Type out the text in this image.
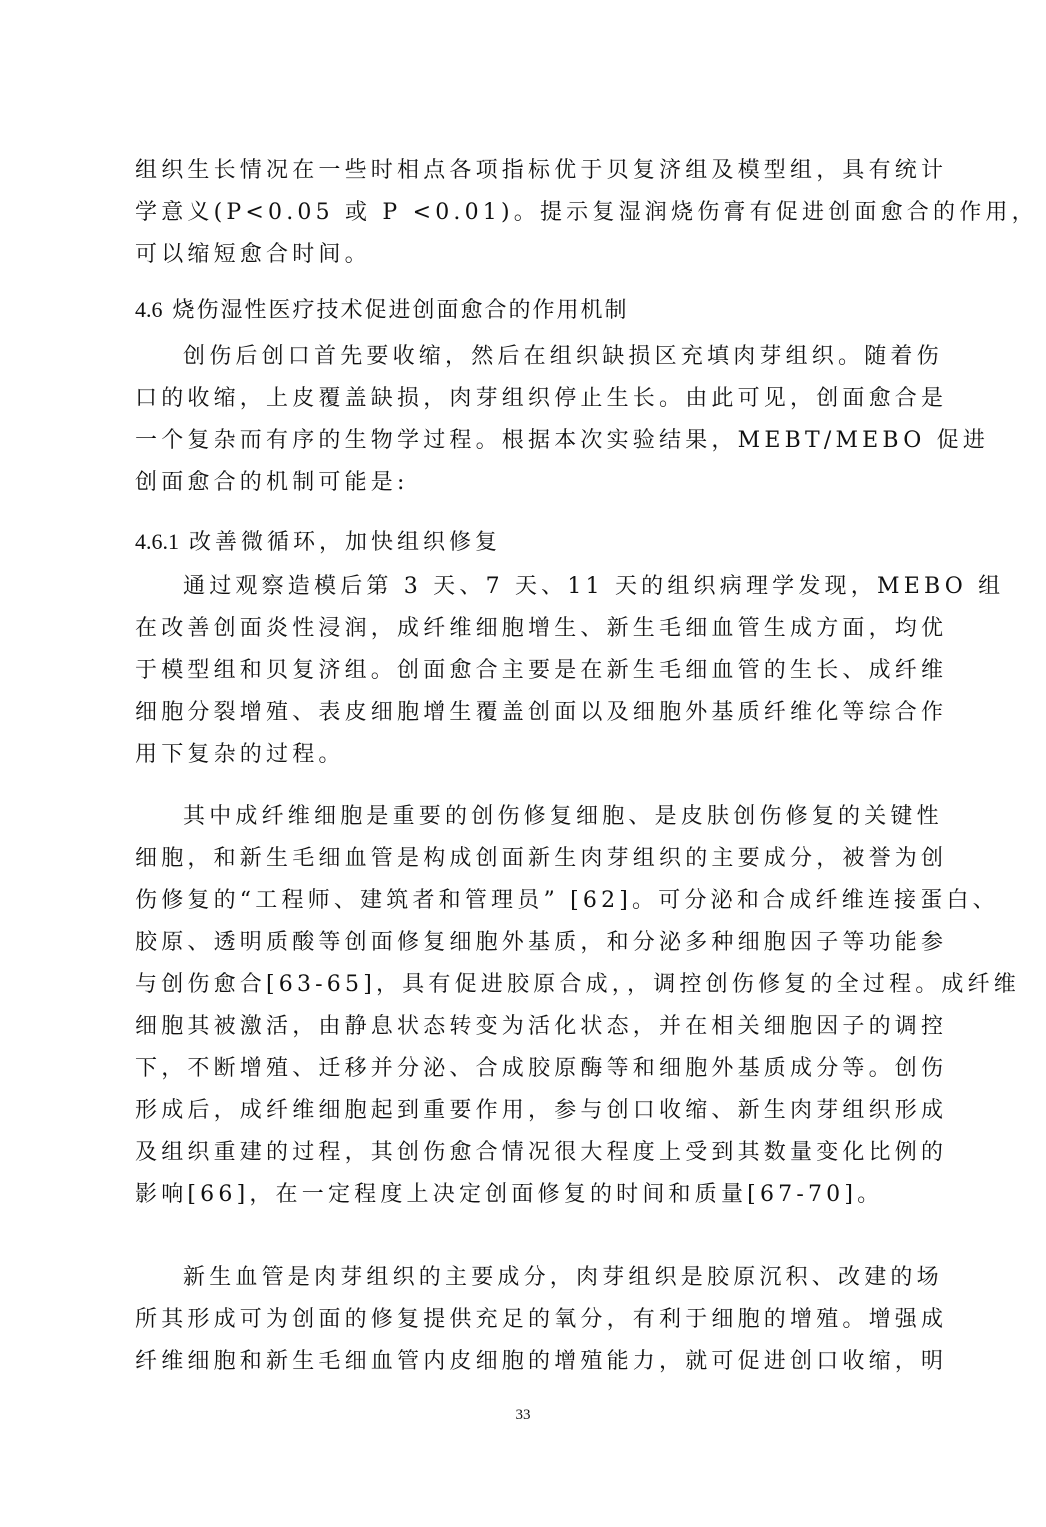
组织生长情况在一些时相点各项指标优于贝复济组及模型组，具有统计
学意义(P<0.05 或 P <0.01)。提示复湿润烧伤膏有促进创面愈合的作用，
可以缩短愈合时间。
4.6 烧伤湿性医疗技术促进创面愈合的作用机制
创伤后创口首先要收缩，然后在组织缺损区充填肉芽组织。随着伤
口的收缩，上皮覆盖缺损，肉芽组织停止生长。由此可见，创面愈合是
一个复杂而有序的生物学过程。根据本次实验结果，MEBT/MEBO 促进
创面愈合的机制可能是:
4.6.1 改善微循环，加快组织修复
通过观察造模后第 3 天、7 天、11 天的组织病理学发现，MEBO 组
在改善创面炎性浸润，成纤维细胞增生、新生毛细血管生成方面，均优
于模型组和贝复济组。创面愈合主要是在新生毛细血管的生长、成纤维
细胞分裂增殖、表皮细胞增生覆盖创面以及细胞外基质纤维化等综合作
用下复杂的过程。
其中成纤维细胞是重要的创伤修复细胞、是皮肤创伤修复的关键性
细胞，和新生毛细血管是构成创面新生肉芽组织的主要成分，被誉为创
伤修复的“工程师、建筑者和管理员” [62]。可分泌和合成纤维连接蛋白、
胶原、透明质酸等创面修复细胞外基质，和分泌多种细胞因子等功能参
与创伤愈合[63-65]，具有促进胶原合成，，调控创伤修复的全过程。成纤维
细胞其被激活，由静息状态转变为活化状态，并在相关细胞因子的调控
下，不断增殖、迁移并分泌、合成胶原酶等和细胞外基质成分等。创伤
形成后，成纤维细胞起到重要作用，参与创口收缩、新生肉芽组织形成
及组织重建的过程，其创伤愈合情况很大程度上受到其数量变化比例的
影响[66]，在一定程度上决定创面修复的时间和质量[67-70]。
新生血管是肉芽组织的主要成分，肉芽组织是胶原沉积、改建的场
所其形成可为创面的修复提供充足的氧分，有利于细胞的增殖。增强成
纤维细胞和新生毛细血管内皮细胞的增殖能力，就可促进创口收缩，明
33
